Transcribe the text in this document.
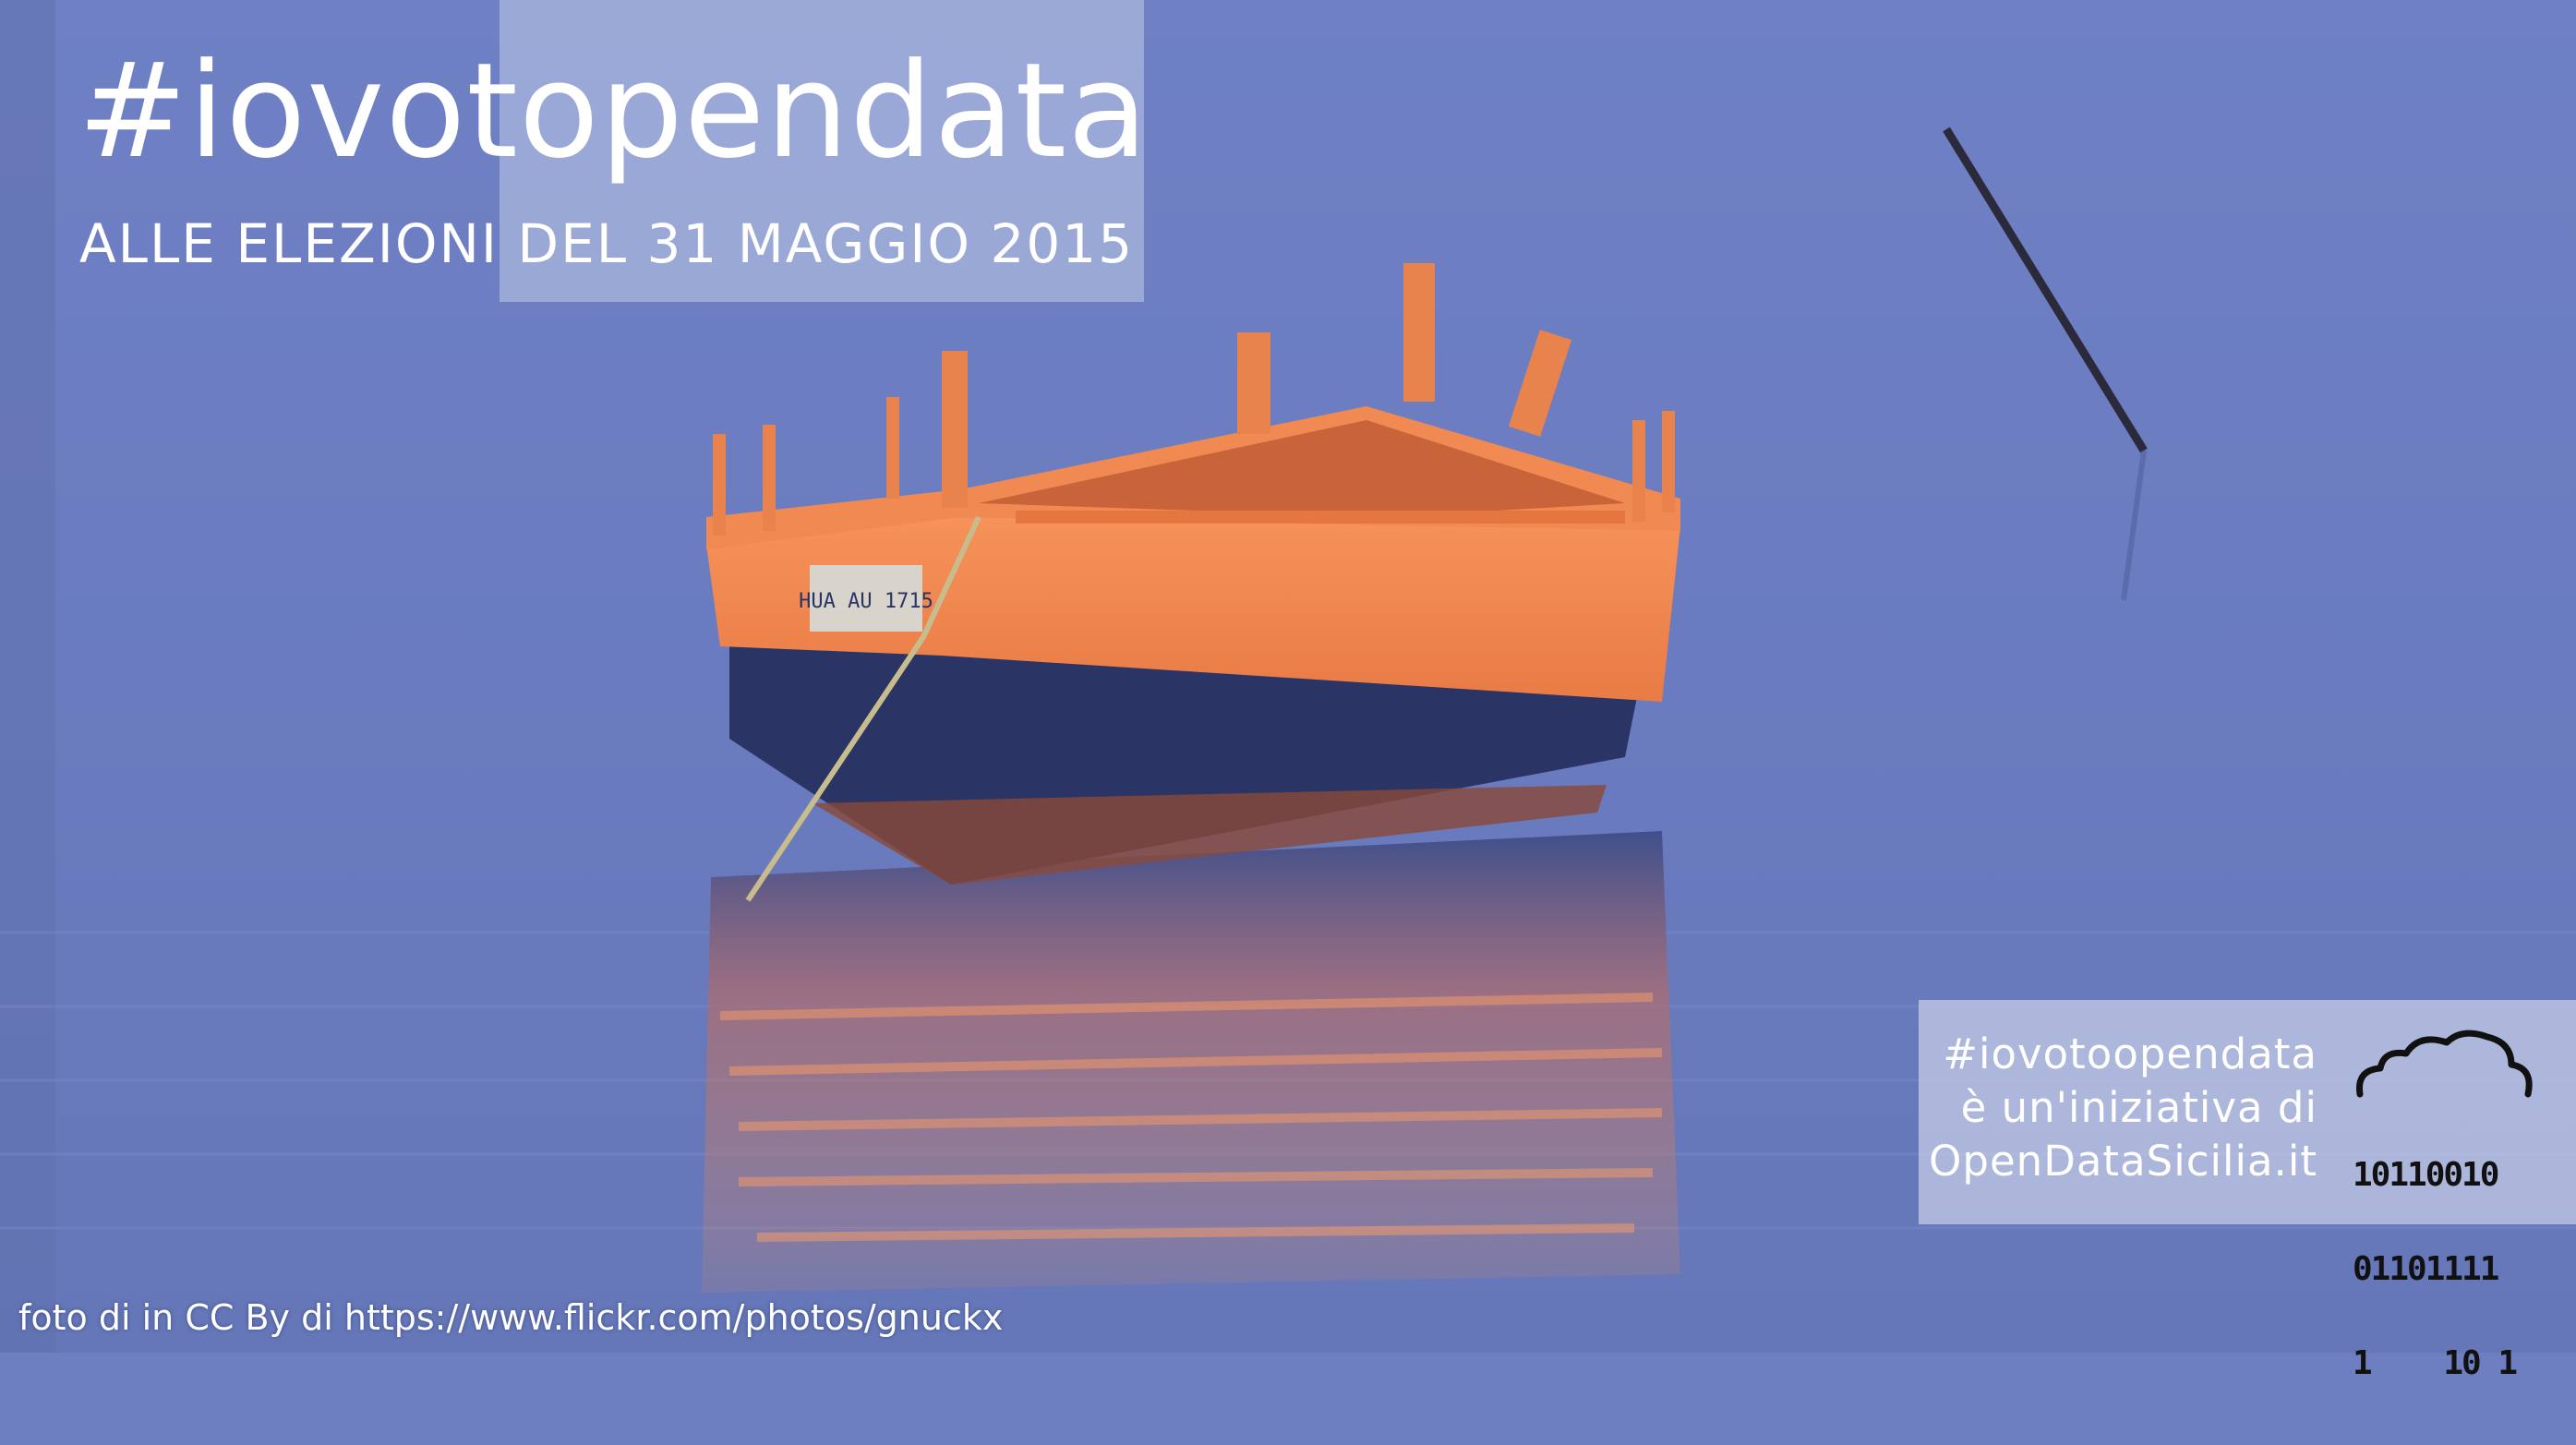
HUA AU 1715
#iovotopendata
ALLE ELEZIONI DEL 31 MAGGIO 2015
#iovotoopendata
è un'iniziativa di
OpenDataSicilia.it

10110010

01101111

1    10 1

foto di in CC By di https://www.flickr.com/photos/gnuckx
